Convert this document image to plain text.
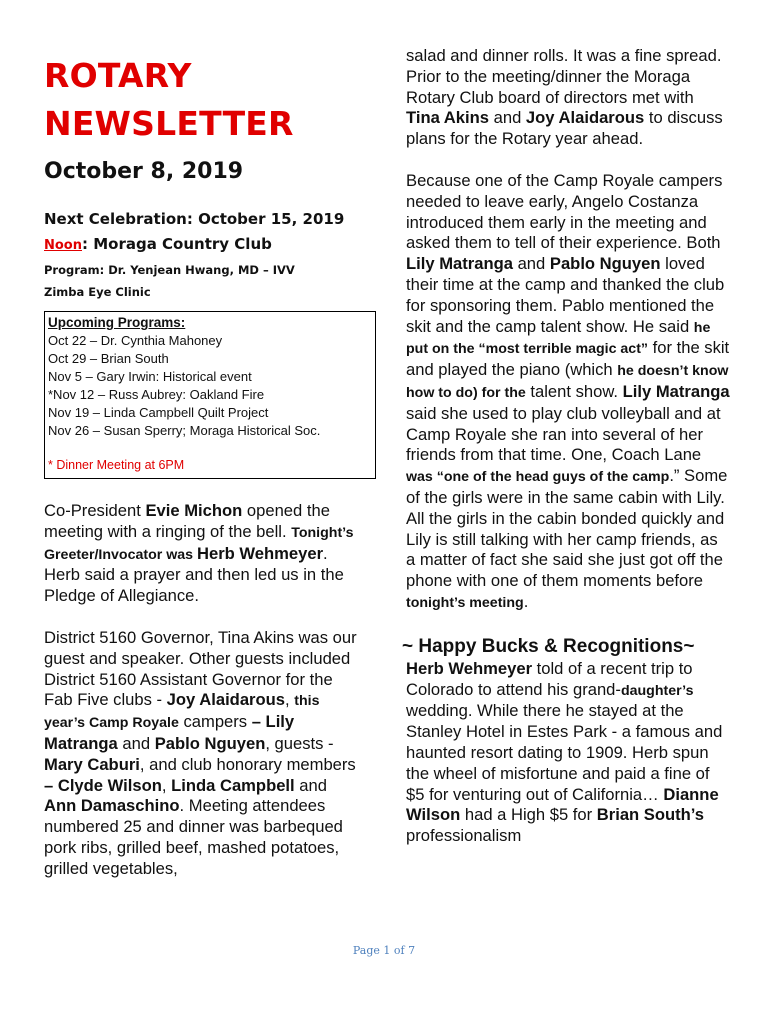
ROTARY
NEWSLETTER
October 8, 2019
Next Celebration: October 15, 2019
Noon: Moraga Country Club
Program: Dr. Yenjean Hwang, MD – IVV
Zimba Eye Clinic
Upcoming Programs:
Oct 22 – Dr. Cynthia Mahoney
Oct 29 – Brian South
Nov 5 – Gary Irwin: Historical event
*Nov 12 – Russ Aubrey: Oakland Fire
Nov 19 – Linda Campbell Quilt Project
Nov 26 – Susan Sperry; Moraga Historical Soc.
* Dinner Meeting at 6PM

Co-President Evie Michon opened the meeting with a ringing of the bell. Tonight’s Greeter/Invocator was Herb Wehmeyer. Herb said a prayer and then led us in the Pledge of Allegiance.

District 5160 Governor, Tina Akins was our guest and speaker. Other guests included District 5160 Assistant Governor for the Fab Five clubs - Joy Alaidarous, this year’s Camp Royale campers – Lily Matranga and Pablo Nguyen, guests - Mary Caburi, and club honorary members – Clyde Wilson, Linda Campbell and Ann Damaschino. Meeting attendees numbered 25 and dinner was barbequed pork ribs, grilled beef, mashed potatoes, grilled vegetables,

salad and dinner rolls. It was a fine spread.
Prior to the meeting/dinner the Moraga Rotary Club board of directors met with Tina Akins and Joy Alaidarous to discuss plans for the Rotary year ahead.

Because one of the Camp Royale campers needed to leave early, Angelo Costanza introduced them early in the meeting and asked them to tell of their experience. Both Lily Matranga and Pablo Nguyen loved their time at the camp and thanked the club for sponsoring them. Pablo mentioned the skit and the camp talent show. He said he put on the “most terrible magic act” for the skit and played the piano (which he doesn’t know how to do) for the talent show. Lily Matranga said she used to play club volleyball and at Camp Royale she ran into several of her friends from that time. One, Coach Lane was “one of the head guys of the camp.” Some of the girls were in the same cabin with Lily. All the girls in the cabin bonded quickly and Lily is still talking with her camp friends, as a matter of fact she said she just got off the phone with one of them moments before tonight’s meeting.

~ Happy Bucks & Recognitions~

Herb Wehmeyer told of a recent trip to Colorado to attend his grand-daughter’s wedding. While there he stayed at the Stanley Hotel in Estes Park - a famous and haunted resort dating to 1909. Herb spun the wheel of misfortune and paid a fine of $5 for venturing out of California… Dianne Wilson had a High $5 for Brian South’s professionalism

Page 1 of 7
